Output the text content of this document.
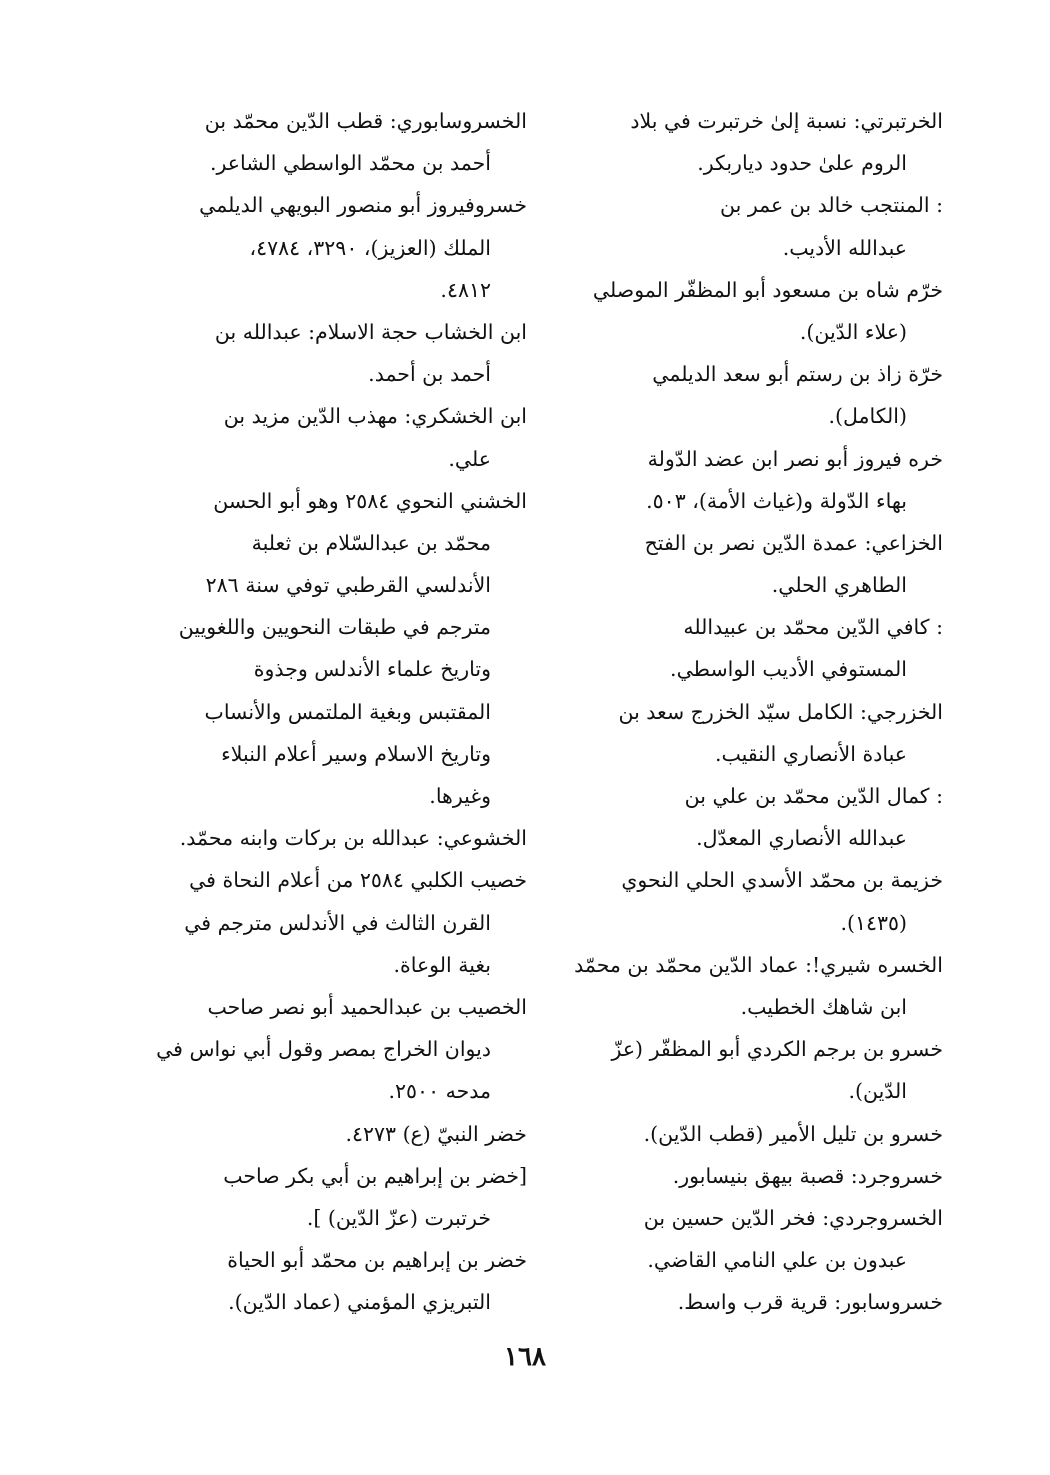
الخرتبرتي: نسبة إلىٰ خرتبرت في بلاد
الروم علىٰ حدود دياربكر.

: المنتجب خالد بن عمر بن
عبدالله الأديب.

خرّم شاه بن مسعود أبو المظفّر الموصلي
(علاء الدّين).

خرّة زاذ بن رستم أبو سعد الديلمي
(الكامل).

خره فيروز أبو نصر ابن عضد الدّولة
بهاء الدّولة و(غياث الأمة)، ٥٠٣.

الخزاعي: عمدة الدّين نصر بن الفتح
الطاهري الحلي.

: كافي الدّين محمّد بن عبيدالله
المستوفي الأديب الواسطي.

الخزرجي: الكامل سيّد الخزرج سعد بن
عبادة الأنصاري النقيب.

: كمال الدّين محمّد بن علي بن
عبدالله الأنصاري المعدّل.

خزيمة بن محمّد الأسدي الحلي النحوي
(١٤٣٥).

الخسره شيري!: عماد الدّين محمّد بن محمّد
ابن شاهك الخطيب.

خسرو بن برجم الكردي أبو المظفّر (عزّ
الدّين).

خسرو بن تليل الأمير (قطب الدّين).

خسروجرد: قصبة بيهق بنيسابور.

الخسروجردي: فخر الدّين حسين بن
عبدون بن علي النامي القاضي.

خسروسابور: قرية قرب واسط.

الخسروسابوري: قطب الدّين محمّد بن
أحمد بن محمّد الواسطي الشاعر.

خسروفيروز أبو منصور البويهي الديلمي
الملك (العزيز)، ٣٢٩٠، ٤٧٨٤،
٤٨١٢.

ابن الخشاب حجة الاسلام: عبدالله بن
أحمد بن أحمد.

ابن الخشكري: مهذب الدّين مزيد بن
علي.

الخشني النحوي ٢٥٨٤ وهو أبو الحسن
محمّد بن عبدالسّلام بن ثعلبة
الأندلسي القرطبي توفي سنة ٢٨٦
مترجم في طبقات النحويين واللغويين
وتاريخ علماء الأندلس وجذوة
المقتبس وبغية الملتمس والأنساب
وتاريخ الاسلام وسير أعلام النبلاء
وغيرها.

الخشوعي: عبدالله بن بركات وابنه محمّد.

خصيب الكلبي ٢٥٨٤ من أعلام النحاة في
القرن الثالث في الأندلس مترجم في
بغية الوعاة.

الخصيب بن عبدالحميد أبو نصر صاحب
ديوان الخراج بمصر وقول أبي نواس في
مدحه ٢٥٠٠.

خضر النبيّ (ع) ٤٢٧٣.

[خضر بن إبراهيم بن أبي بكر صاحب
خرتبرت (عزّ الدّين) ].

خضر بن إبراهيم بن محمّد أبو الحياة
التبريزي المؤمني (عماد الدّين).

١٦٨
